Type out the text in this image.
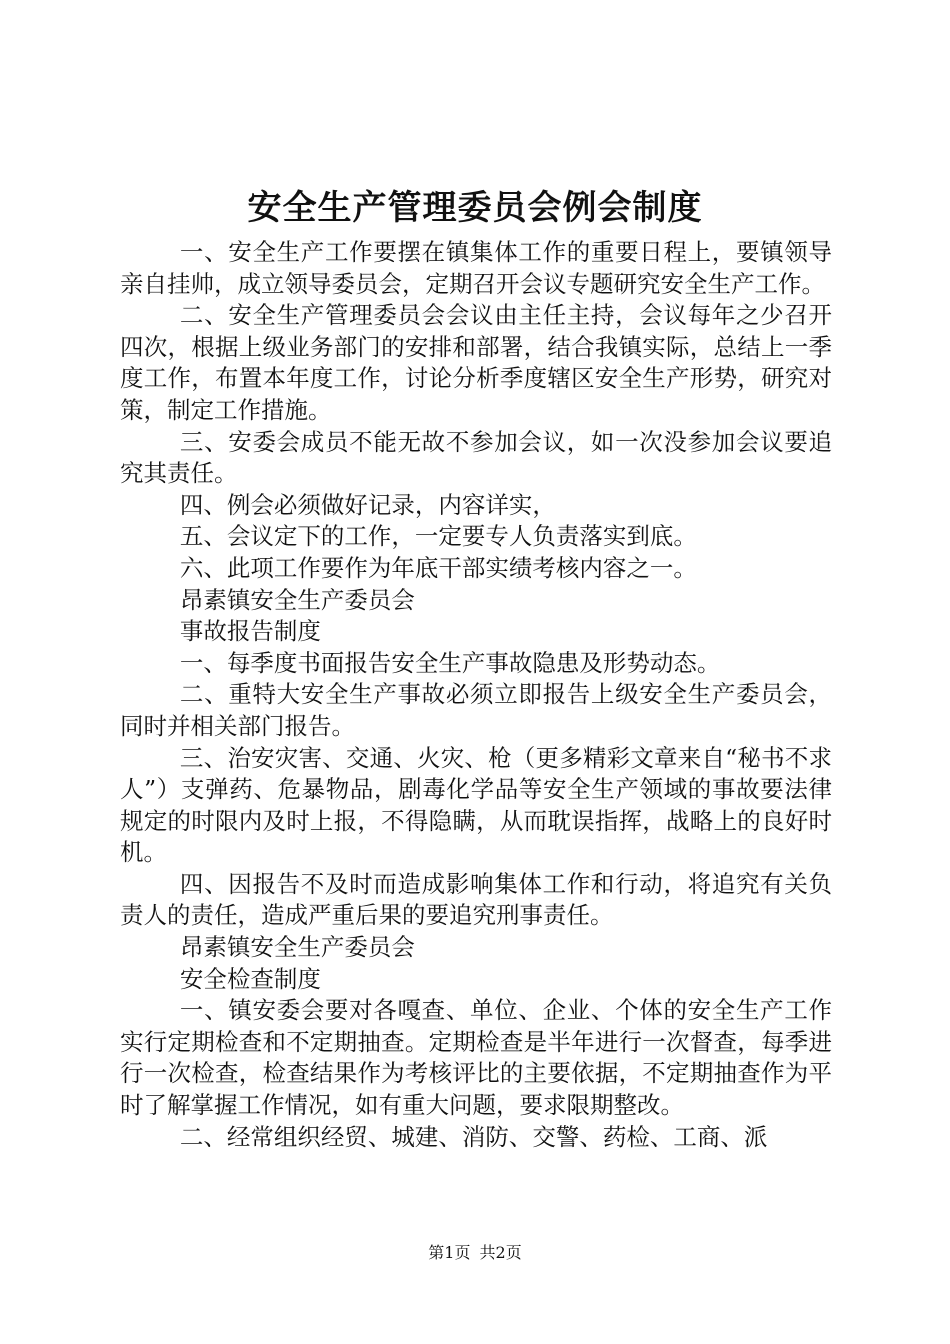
安全生产管理委员会例会制度

一、安全生产工作要摆在镇集体工作的重要日程上，要镇领导亲自挂帅，成立领导委员会，定期召开会议专题研究安全生产工作。

二、安全生产管理委员会会议由主任主持，会议每年之少召开四次，根据上级业务部门的安排和部署，结合我镇实际，总结上一季度工作，布置本年度工作，讨论分析季度辖区安全生产形势，研究对策，制定工作措施。

三、安委会成员不能无故不参加会议，如一次没参加会议要追究其责任。

四、例会必须做好记录，内容详实，

五、会议定下的工作，一定要专人负责落实到底。

六、此项工作要作为年底干部实绩考核内容之一。

昂素镇安全生产委员会

事故报告制度

一、每季度书面报告安全生产事故隐患及形势动态。

二、重特大安全生产事故必须立即报告上级安全生产委员会，同时并相关部门报告。

三、治安灾害、交通、火灾、枪（更多精彩文章来自“秘书不求人”）支弹药、危暴物品，剧毒化学品等安全生产领域的事故要法律规定的时限内及时上报，不得隐瞒，从而耽误指挥，战略上的良好时机。

四、因报告不及时而造成影响集体工作和行动，将追究有关负责人的责任，造成严重后果的要追究刑事责任。

昂素镇安全生产委员会

安全检查制度

一、镇安委会要对各嘎查、单位、企业、个体的安全生产工作实行定期检查和不定期抽查。定期检查是半年进行一次督查，每季进行一次检查，检查结果作为考核评比的主要依据，不定期抽查作为平时了解掌握工作情况，如有重大问题，要求限期整改。

二、经常组织经贸、城建、消防、交警、药检、工商、派

第1页 共2页
